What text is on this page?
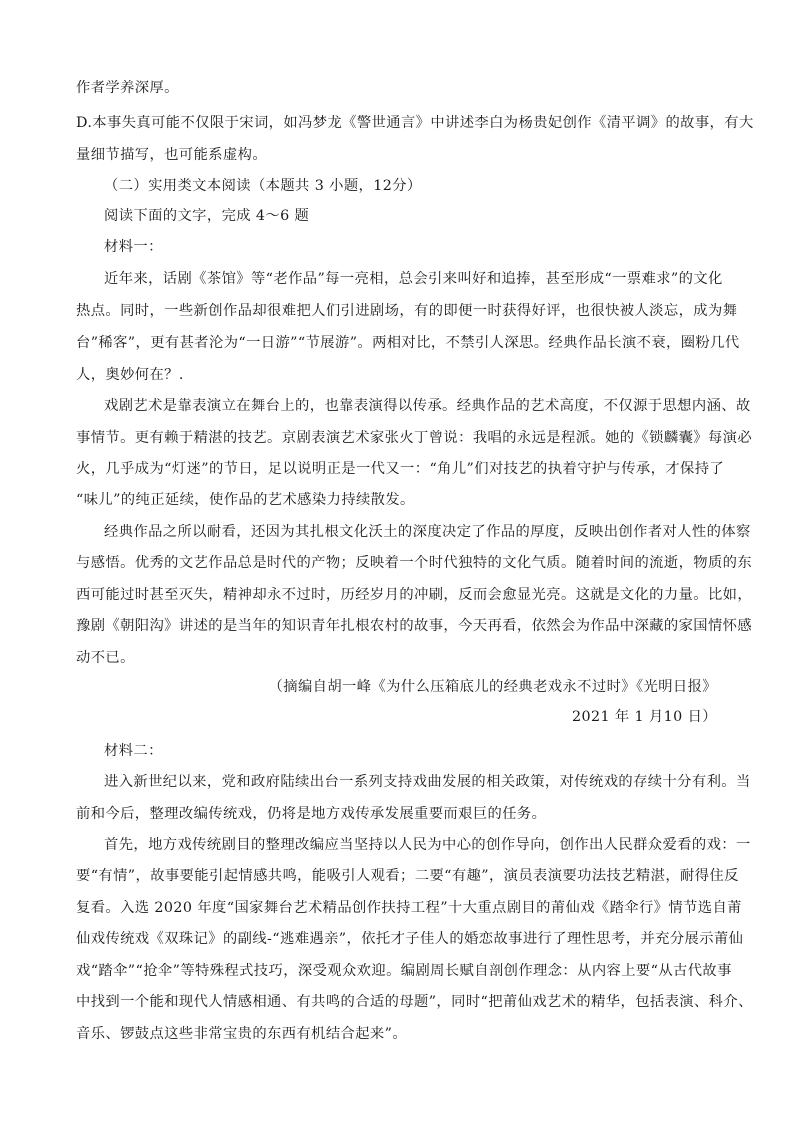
作者学养深厚。
D.本事失真可能不仅限于宋词，如冯梦龙《警世通言》中讲述李白为杨贵妃创作《清平调》的故事，有大
量细节描写，也可能系虚构。
（二）实用类文本阅读（本题共 3 小题，12分）
阅读下面的文字，完成 4～6 题
材料一：
近年来，话剧《茶馆》等“老作品”每一亮相，总会引来叫好和追捧，甚至形成“一票难求”的文化
热点。同时，一些新创作品却很难把人们引进剧场，有的即便一时获得好评，也很快被人淡忘，成为舞
台”稀客”，更有甚者沦为“一日游”“节展游”。两相对比，不禁引人深思。经典作品长演不衰，圈粉几代
人，奥妙何在？.
戏剧艺术是靠表演立在舞台上的，也靠表演得以传承。经典作品的艺术高度，不仅源于思想内涵、故
事情节。更有赖于精湛的技艺。京剧表演艺术家张火丁曾说：我唱的永远是程派。她的《锁麟囊》每演必
火，几乎成为“灯迷”的节日，足以说明正是一代又一：“角儿”们对技艺的执着守护与传承，才保持了
“味儿”的纯正延续，使作品的艺术感染力持续散发。
经典作品之所以耐看，还因为其扎根文化沃土的深度决定了作品的厚度，反映出创作者对人性的体察
与感悟。优秀的文艺作品总是时代的产物；反映着一个时代独特的文化气质。随着时间的流逝，物质的东
西可能过时甚至灭失，精神却永不过时，历经岁月的冲刷，反而会愈显光亮。这就是文化的力量。比如，
豫剧《朝阳沟》讲述的是当年的知识青年扎根农村的故事，今天再看，依然会为作品中深藏的家国情怀感
动不已。
（摘编自胡一峰《为什么压箱底儿的经典老戏永不过时》《光明日报》
2021 年 1 月10 日）
材料二：
进入新世纪以来，党和政府陆续出台一系列支持戏曲发展的相关政策，对传统戏的存续十分有利。当
前和今后，整理改编传统戏，仍将是地方戏传承发展重要而艰巨的任务。
首先，地方戏传统剧目的整理改编应当坚持以人民为中心的创作导向，创作出人民群众爱看的戏：一
要“有情”，故事要能引起情感共鸣，能吸引人观看；二要“有趣”，演员表演要功法技艺精湛，耐得住反
复看。入选 2020 年度“国家舞台艺术精品创作扶持工程”十大重点剧目的莆仙戏《踏伞行》情节选自莆
仙戏传统戏《双珠记》的副线-“逃难遇亲”，依托才子佳人的婚恋故事进行了理性思考，并充分展示莆仙
戏“踏伞”“抢伞”等特殊程式技巧，深受观众欢迎。编剧周长赋自剖创作理念：从内容上要“从古代故事
中找到一个能和现代人情感相通、有共鸣的合适的母题”，同时“把莆仙戏艺术的精华，包括表演、科介、
音乐、锣鼓点这些非常宝贵的东西有机结合起来”。
